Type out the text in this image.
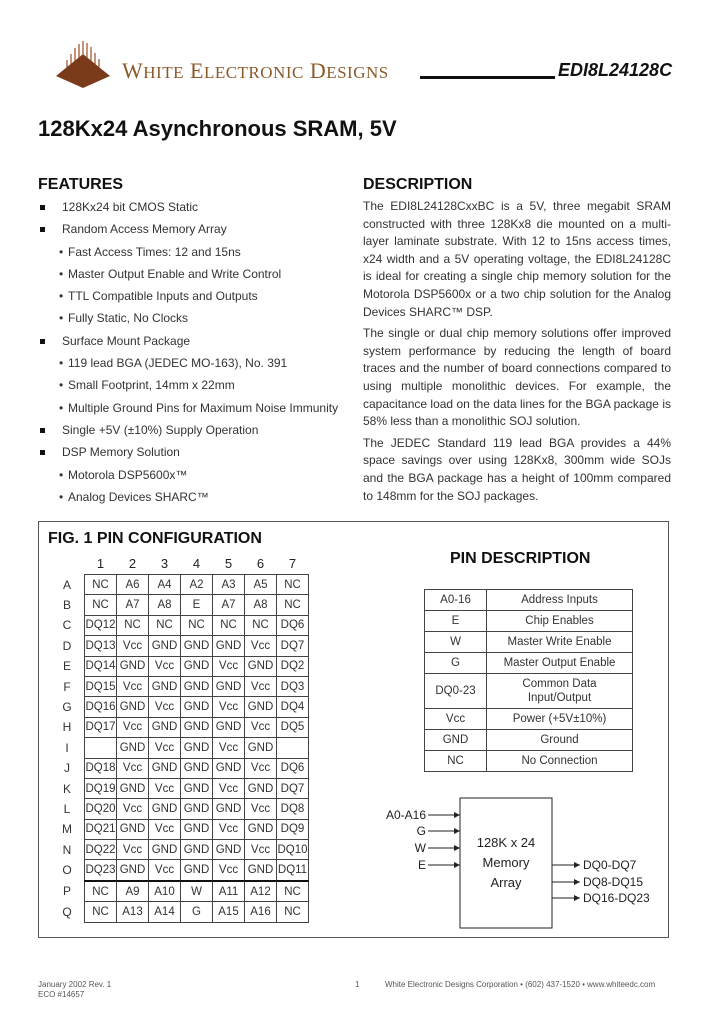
WHITE ELECTRONIC DESIGNS	EDI8L24128C
128Kx24 Asynchronous SRAM, 5V
FEATURES
128Kx24 bit CMOS Static
Random Access Memory Array
• Fast Access Times: 12 and 15ns
• Master Output Enable and Write Control
• TTL Compatible Inputs and Outputs
• Fully Static, No Clocks
Surface Mount Package
• 119 lead BGA (JEDEC MO-163), No. 391
• Small Footprint, 14mm x 22mm
• Multiple Ground Pins for Maximum Noise Immunity
Single +5V (±10%) Supply Operation
DSP Memory Solution
• Motorola DSP5600x™
• Analog Devices SHARC™
DESCRIPTION

The EDI8L24128CxxBC is a 5V, three megabit SRAM constructed with three 128Kx8 die mounted on a multi-layer laminate substrate. With 12 to 15ns access times, x24 width and a 5V operating voltage, the EDI8L24128C is ideal for creating a single chip memory solution for the Motorola DSP5600x or a two chip solution for the Analog Devices SHARC™ DSP.

The single or dual chip memory solutions offer improved system performance by reducing the length of board traces and the number of board connections compared to using multiple monolithic devices. For example, the capacitance load on the data lines for the BGA package is 58% less than a monolithic SOJ solution.

The JEDEC Standard 119 lead BGA provides a 44% space savings over using 128Kx8, 300mm wide SOJs and the BGA package has a height of 100mm compared to 148mm for the SOJ packages.

FIG. 1 PIN CONFIGURATION
	1	2	3	4	5	6	7
A	NC	A6	A4	A2	A3	A5	NC
B	NC	A7	A8	E	A7	A8	NC
C	DQ12	NC	NC	NC	NC	NC	DQ6
D	DQ13	Vcc	GND	GND	GND	Vcc	DQ7
E	DQ14	GND	Vcc	GND	Vcc	GND	DQ2
F	DQ15	Vcc	GND	GND	GND	Vcc	DQ3
G	DQ16	GND	Vcc	GND	Vcc	GND	DQ4
H	DQ17	Vcc	GND	GND	GND	Vcc	DQ5
I		GND	Vcc	GND	Vcc	GND	
J	DQ18	Vcc	GND	GND	GND	Vcc	DQ6
K	DQ19	GND	Vcc	GND	Vcc	GND	DQ7
L	DQ20	Vcc	GND	GND	GND	Vcc	DQ8
M	DQ21	GND	Vcc	GND	Vcc	GND	DQ9
N	DQ22	Vcc	GND	GND	GND	Vcc	DQ10
O	DQ23	GND	Vcc	GND	Vcc	GND	DQ11
P	NC	A9	A10	W	A11	A12	NC
Q	NC	A13	A14	G	A15	A16	NC
PIN DESCRIPTION
A0-16	Address Inputs
E	Chip Enables
W	Master Write Enable
G	Master Output Enable
DQ0-23	Common Data Input/Output
Vcc	Power (+5V±10%)
GND	Ground
NC	No Connection
128K x 24
Memory
Array
A0-A16
G
W
E	DQ0-DQ7
DQ8-DQ15
DQ16-DQ23
January 2002 Rev. 1
ECO #14657
1	White Electronic Designs Corporation • (602) 437-1520 • www.whiteedc.com
